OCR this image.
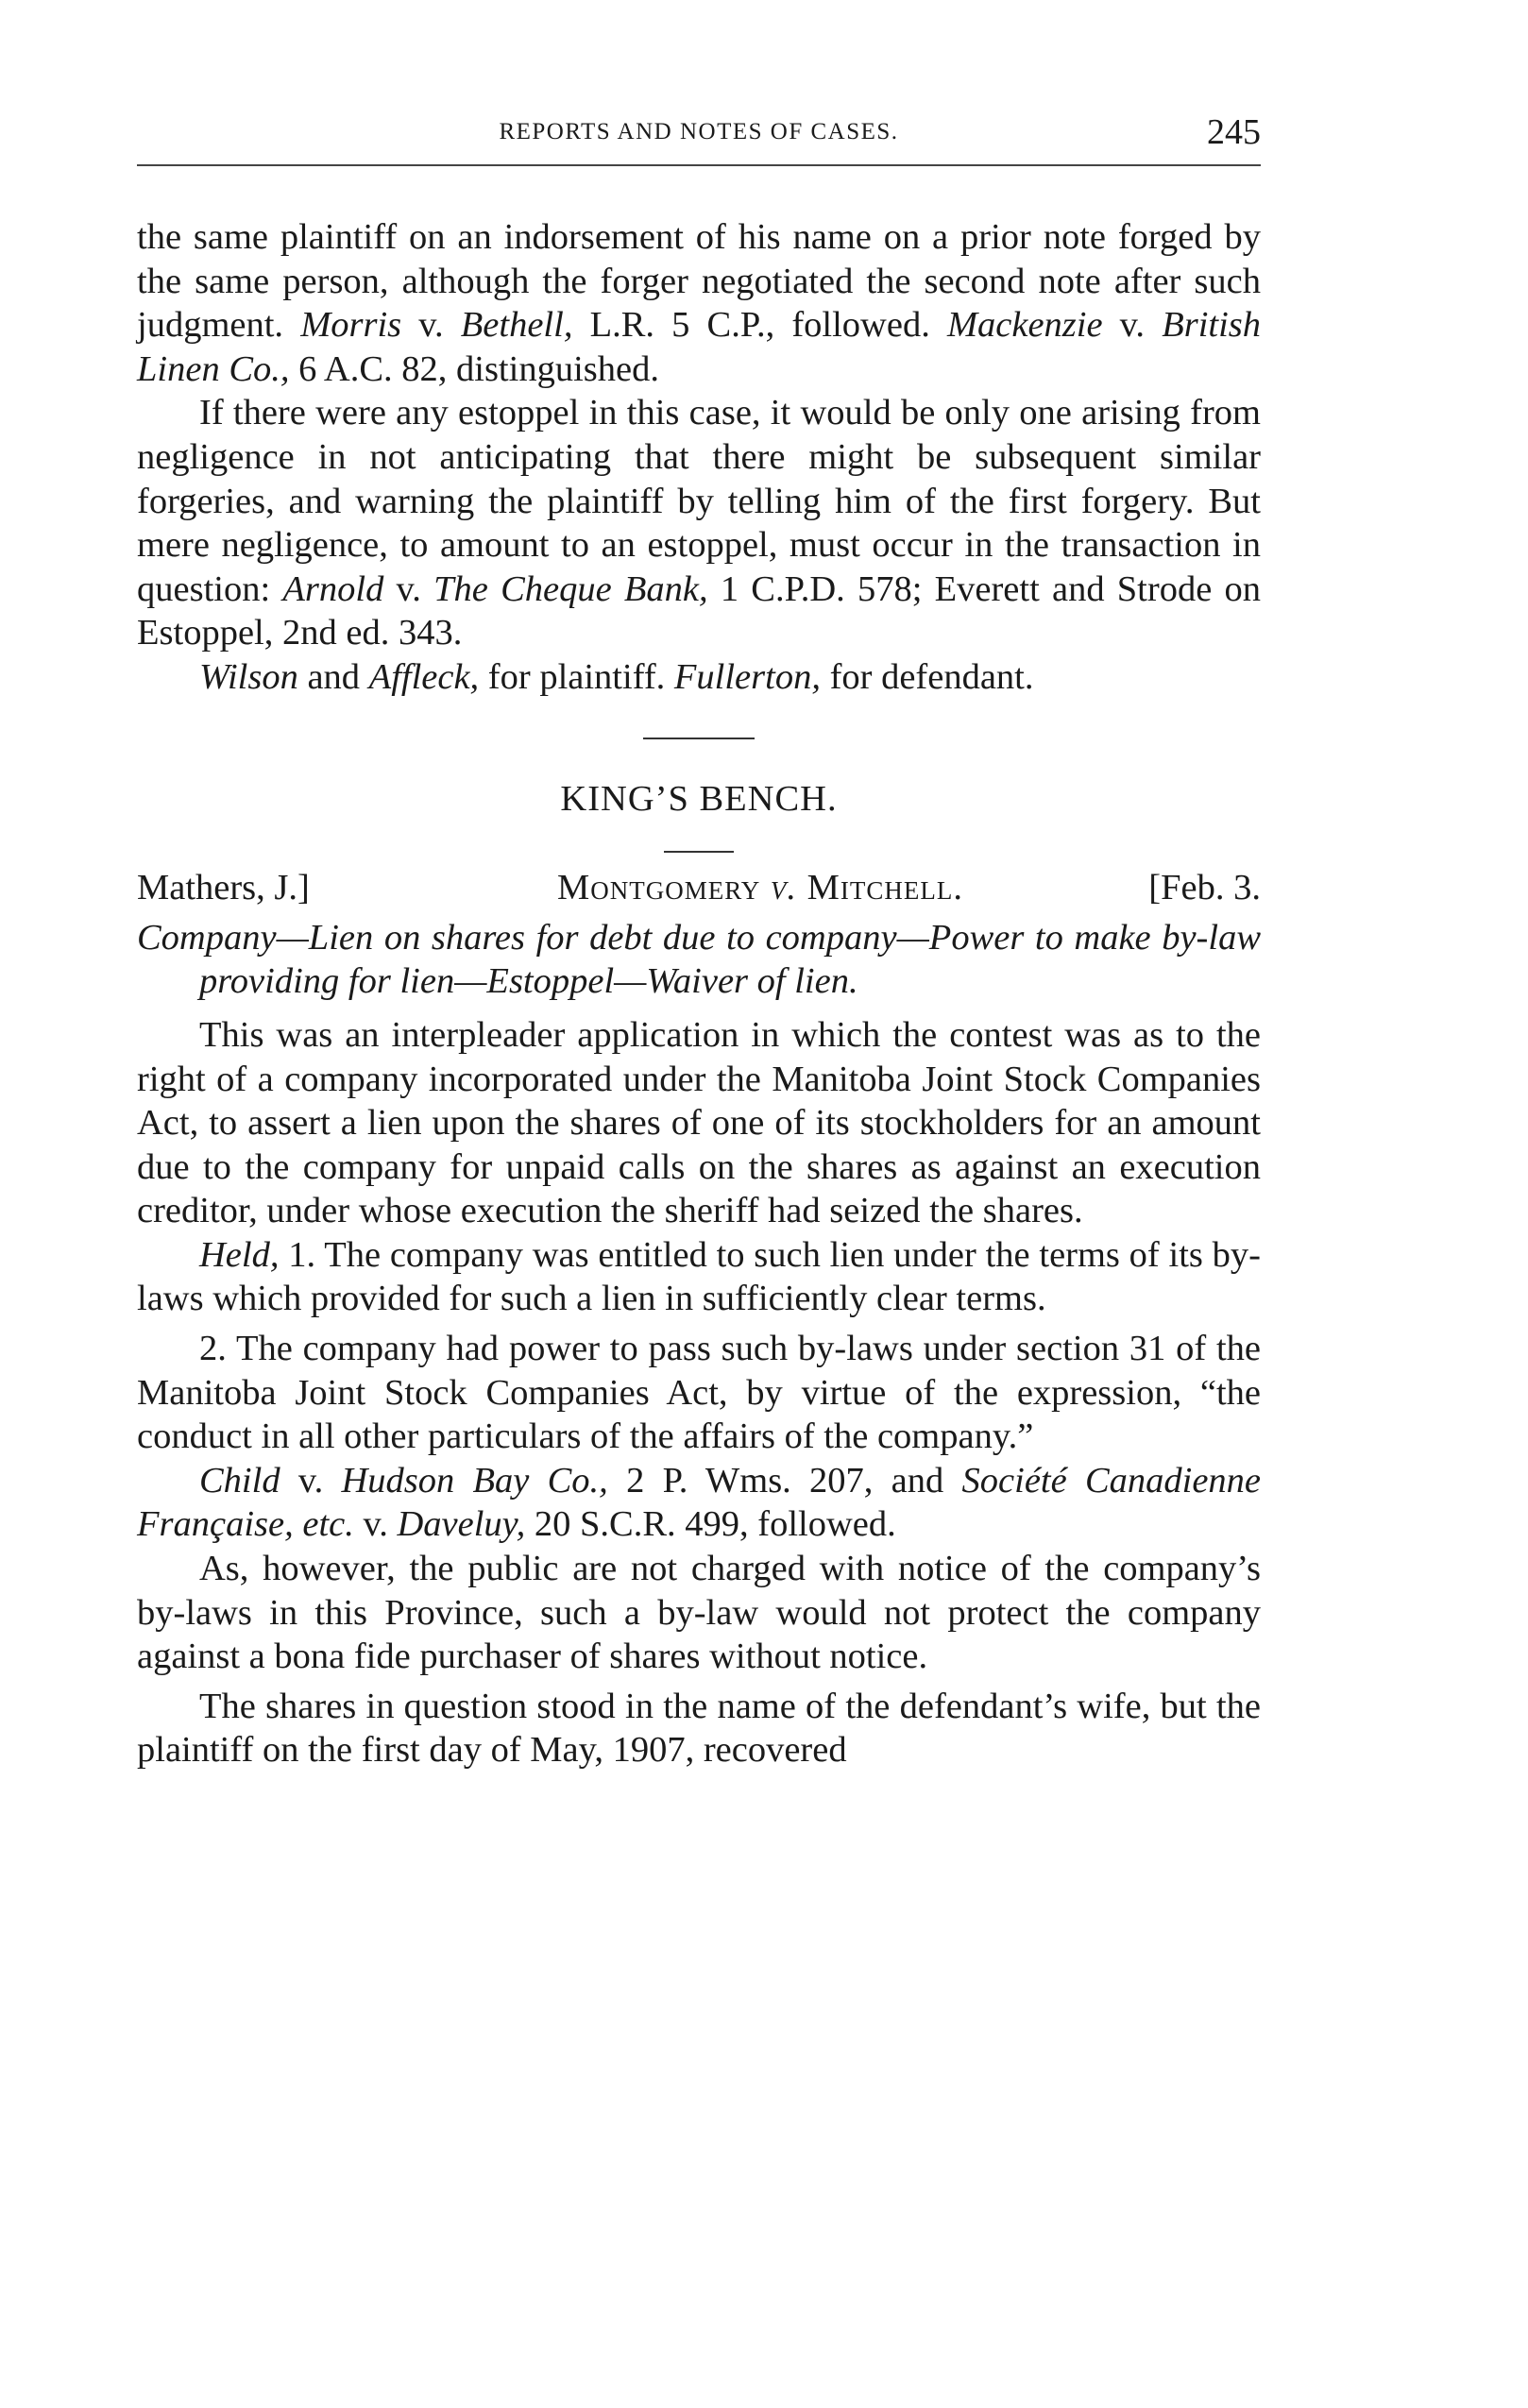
REPORTS AND NOTES OF CASES.	245

the same plaintiff on an indorsement of his name on a prior note forged by the same person, although the forger negotiated the second note after such judgment. Morris v. Bethell, L.R. 5 C.P., followed. Mackenzie v. British Linen Co., 6 A.C. 82, distinguished.

If there were any estoppel in this case, it would be only one arising from negligence in not anticipating that there might be subsequent similar forgeries, and warning the plaintiff by telling him of the first forgery. But mere negligence, to amount to an estoppel, must occur in the transaction in question: Arnold v. The Cheque Bank, 1 C.P.D. 578; Everett and Strode on Estoppel, 2nd ed. 343.

Wilson and Affleck, for plaintiff. Fullerton, for defendant.

KING’S BENCH.
Mathers, J.]	Montgomery v. Mitchell.	[Feb. 3.

Company—Lien on shares for debt due to company—Power to make by-law providing for lien—Estoppel—Waiver of lien.

This was an interpleader application in which the contest was as to the right of a company incorporated under the Manitoba Joint Stock Companies Act, to assert a lien upon the shares of one of its stockholders for an amount due to the company for unpaid calls on the shares as against an execution creditor, under whose execution the sheriff had seized the shares.

Held, 1. The company was entitled to such lien under the terms of its by-laws which provided for such a lien in sufficiently clear terms.

2. The company had power to pass such by-laws under section 31 of the Manitoba Joint Stock Companies Act, by virtue of the expression, “the conduct in all other particulars of the affairs of the company.”

Child v. Hudson Bay Co., 2 P. Wms. 207, and Société Canadienne Française, etc. v. Daveluy, 20 S.C.R. 499, followed.

As, however, the public are not charged with notice of the company’s by-laws in this Province, such a by-law would not protect the company against a bona fide purchaser of shares without notice.

The shares in question stood in the name of the defendant’s wife, but the plaintiff on the first day of May, 1907, recovered
